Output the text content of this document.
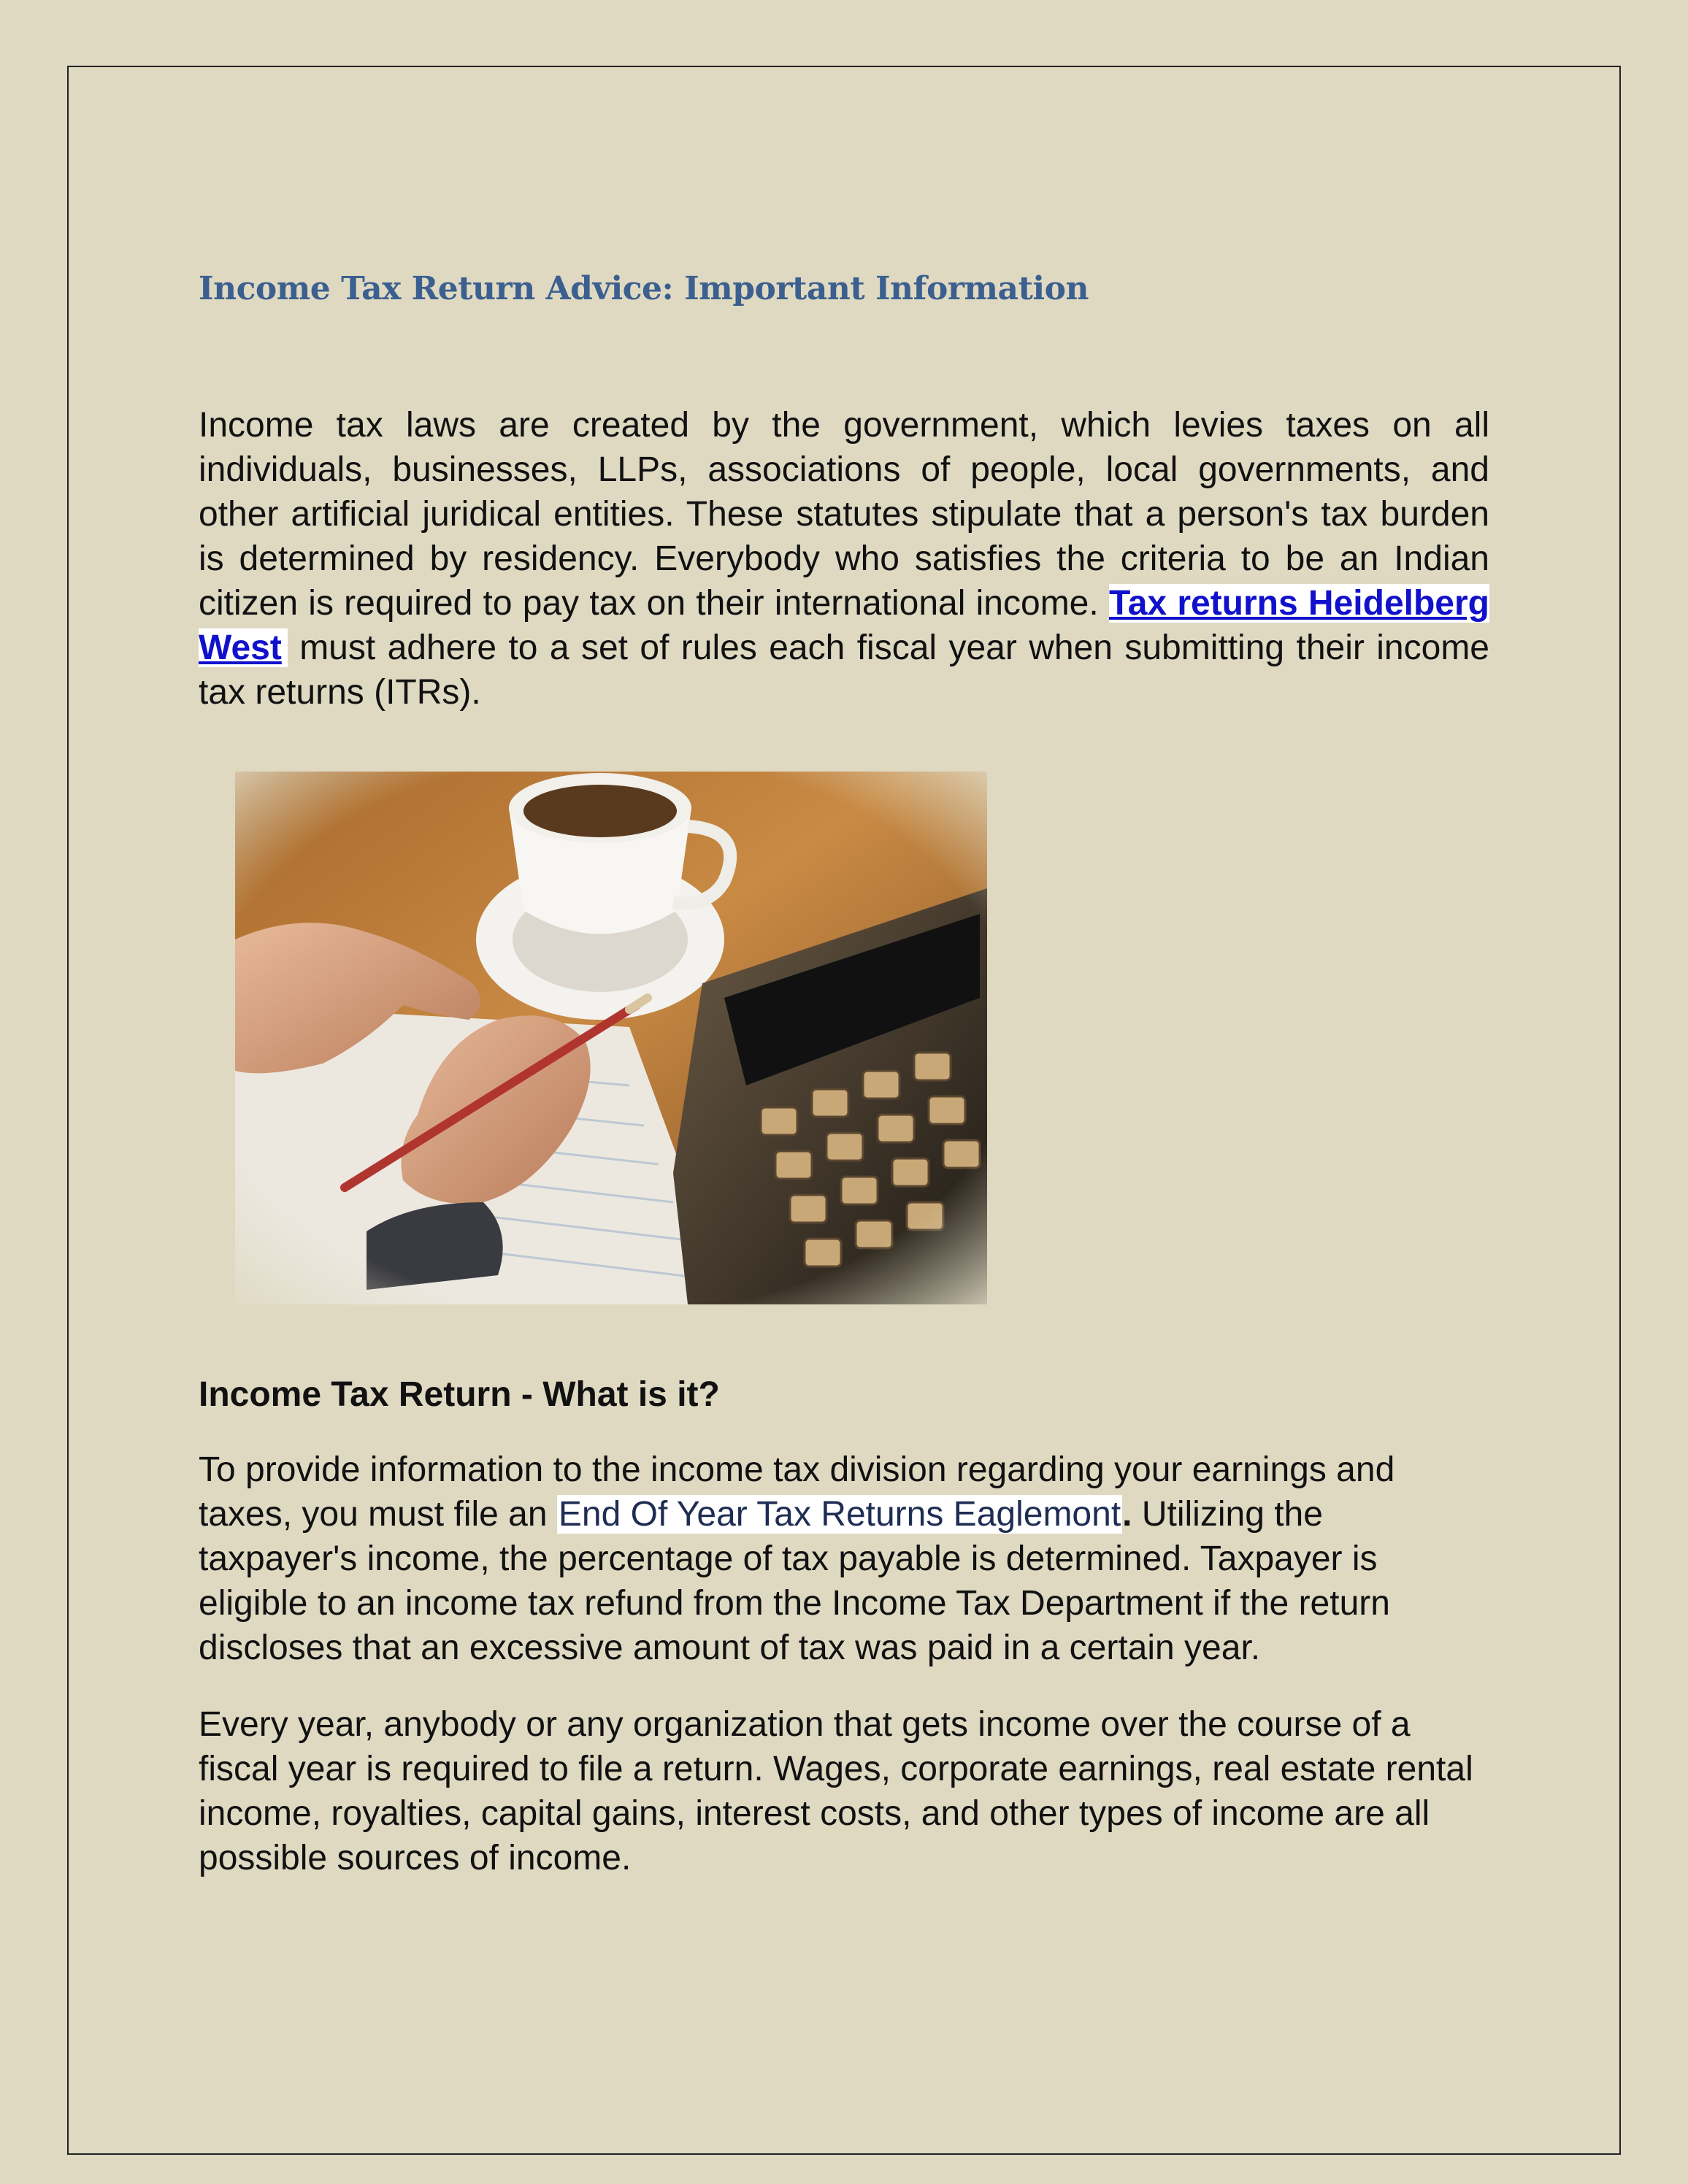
Income Tax Return Advice: Important Information

Income tax laws are created by the government, which levies taxes on all individuals, businesses, LLPs, associations of people, local governments, and other artificial juridical entities. These statutes stipulate that a person's tax burden is determined by residency. Everybody who satisfies the criteria to be an Indian citizen is required to pay tax on their international income. Tax returns Heidelberg West must adhere to a set of rules each fiscal year when submitting their income tax returns (ITRs).

Income Tax Return - What is it?

To provide information to the income tax division regarding your earnings and taxes, you must file an End Of Year Tax Returns Eaglemont. Utilizing the taxpayer's income, the percentage of tax payable is determined. Taxpayer is eligible to an income tax refund from the Income Tax Department if the return discloses that an excessive amount of tax was paid in a certain year.

Every year, anybody or any organization that gets income over the course of a fiscal year is required to file a return. Wages, corporate earnings, real estate rental income, royalties, capital gains, interest costs, and other types of income are all possible sources of income.
